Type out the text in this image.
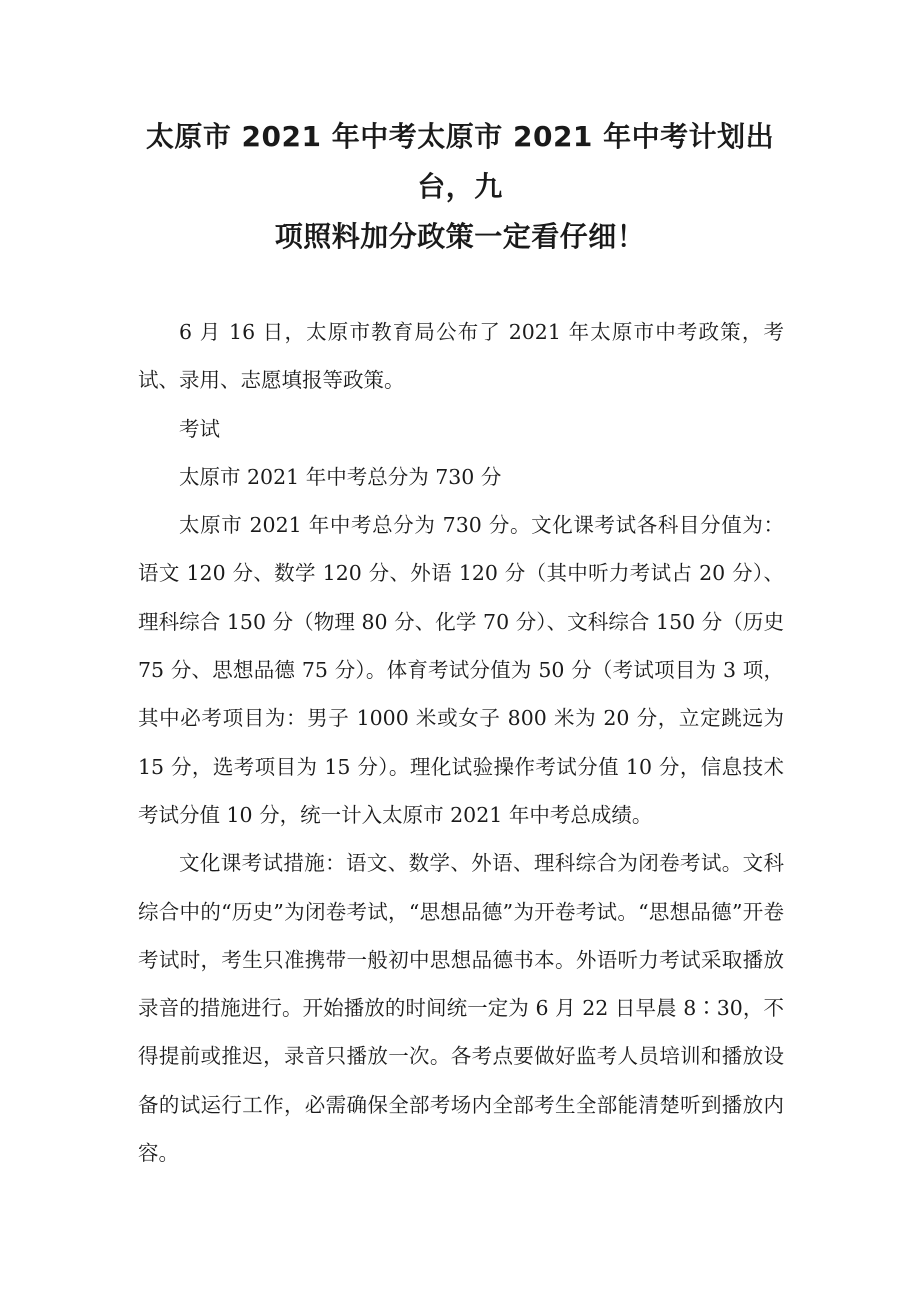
太原市 2021 年中考太原市 2021 年中考计划出台，九
项照料加分政策一定看仔细！

6 月 16 日，太原市教育局公布了 2021 年太原市中考政策，考试、录用、志愿填报等政策。

考试

太原市 2021 年中考总分为 730 分

太原市 2021 年中考总分为 730 分。文化课考试各科目分值为：语文 120 分、数学 120 分、外语 120 分（其中听力考试占 20 分）、理科综合 150 分（物理 80 分、化学 70 分）、文科综合 150 分（历史 75 分、思想品德 75 分）。体育考试分值为 50 分（考试项目为 3 项，其中必考项目为：男子 1000 米或女子 800 米为 20 分，立定跳远为 15 分，选考项目为 15 分）。理化试验操作考试分值 10 分，信息技术考试分值 10 分，统一计入太原市 2021 年中考总成绩。

文化课考试措施：语文、数学、外语、理科综合为闭卷考试。文科综合中的“历史”为闭卷考试，“思想品德”为开卷考试。“思想品德”开卷考试时，考生只准携带一般初中思想品德书本。外语听力考试采取播放录音的措施进行。开始播放的时间统一定为 6 月 22 日早晨 8∶30，不得提前或推迟，录音只播放一次。各考点要做好监考人员培训和播放设备的试运行工作，必需确保全部考场内全部考生全部能清楚听到播放内容。
